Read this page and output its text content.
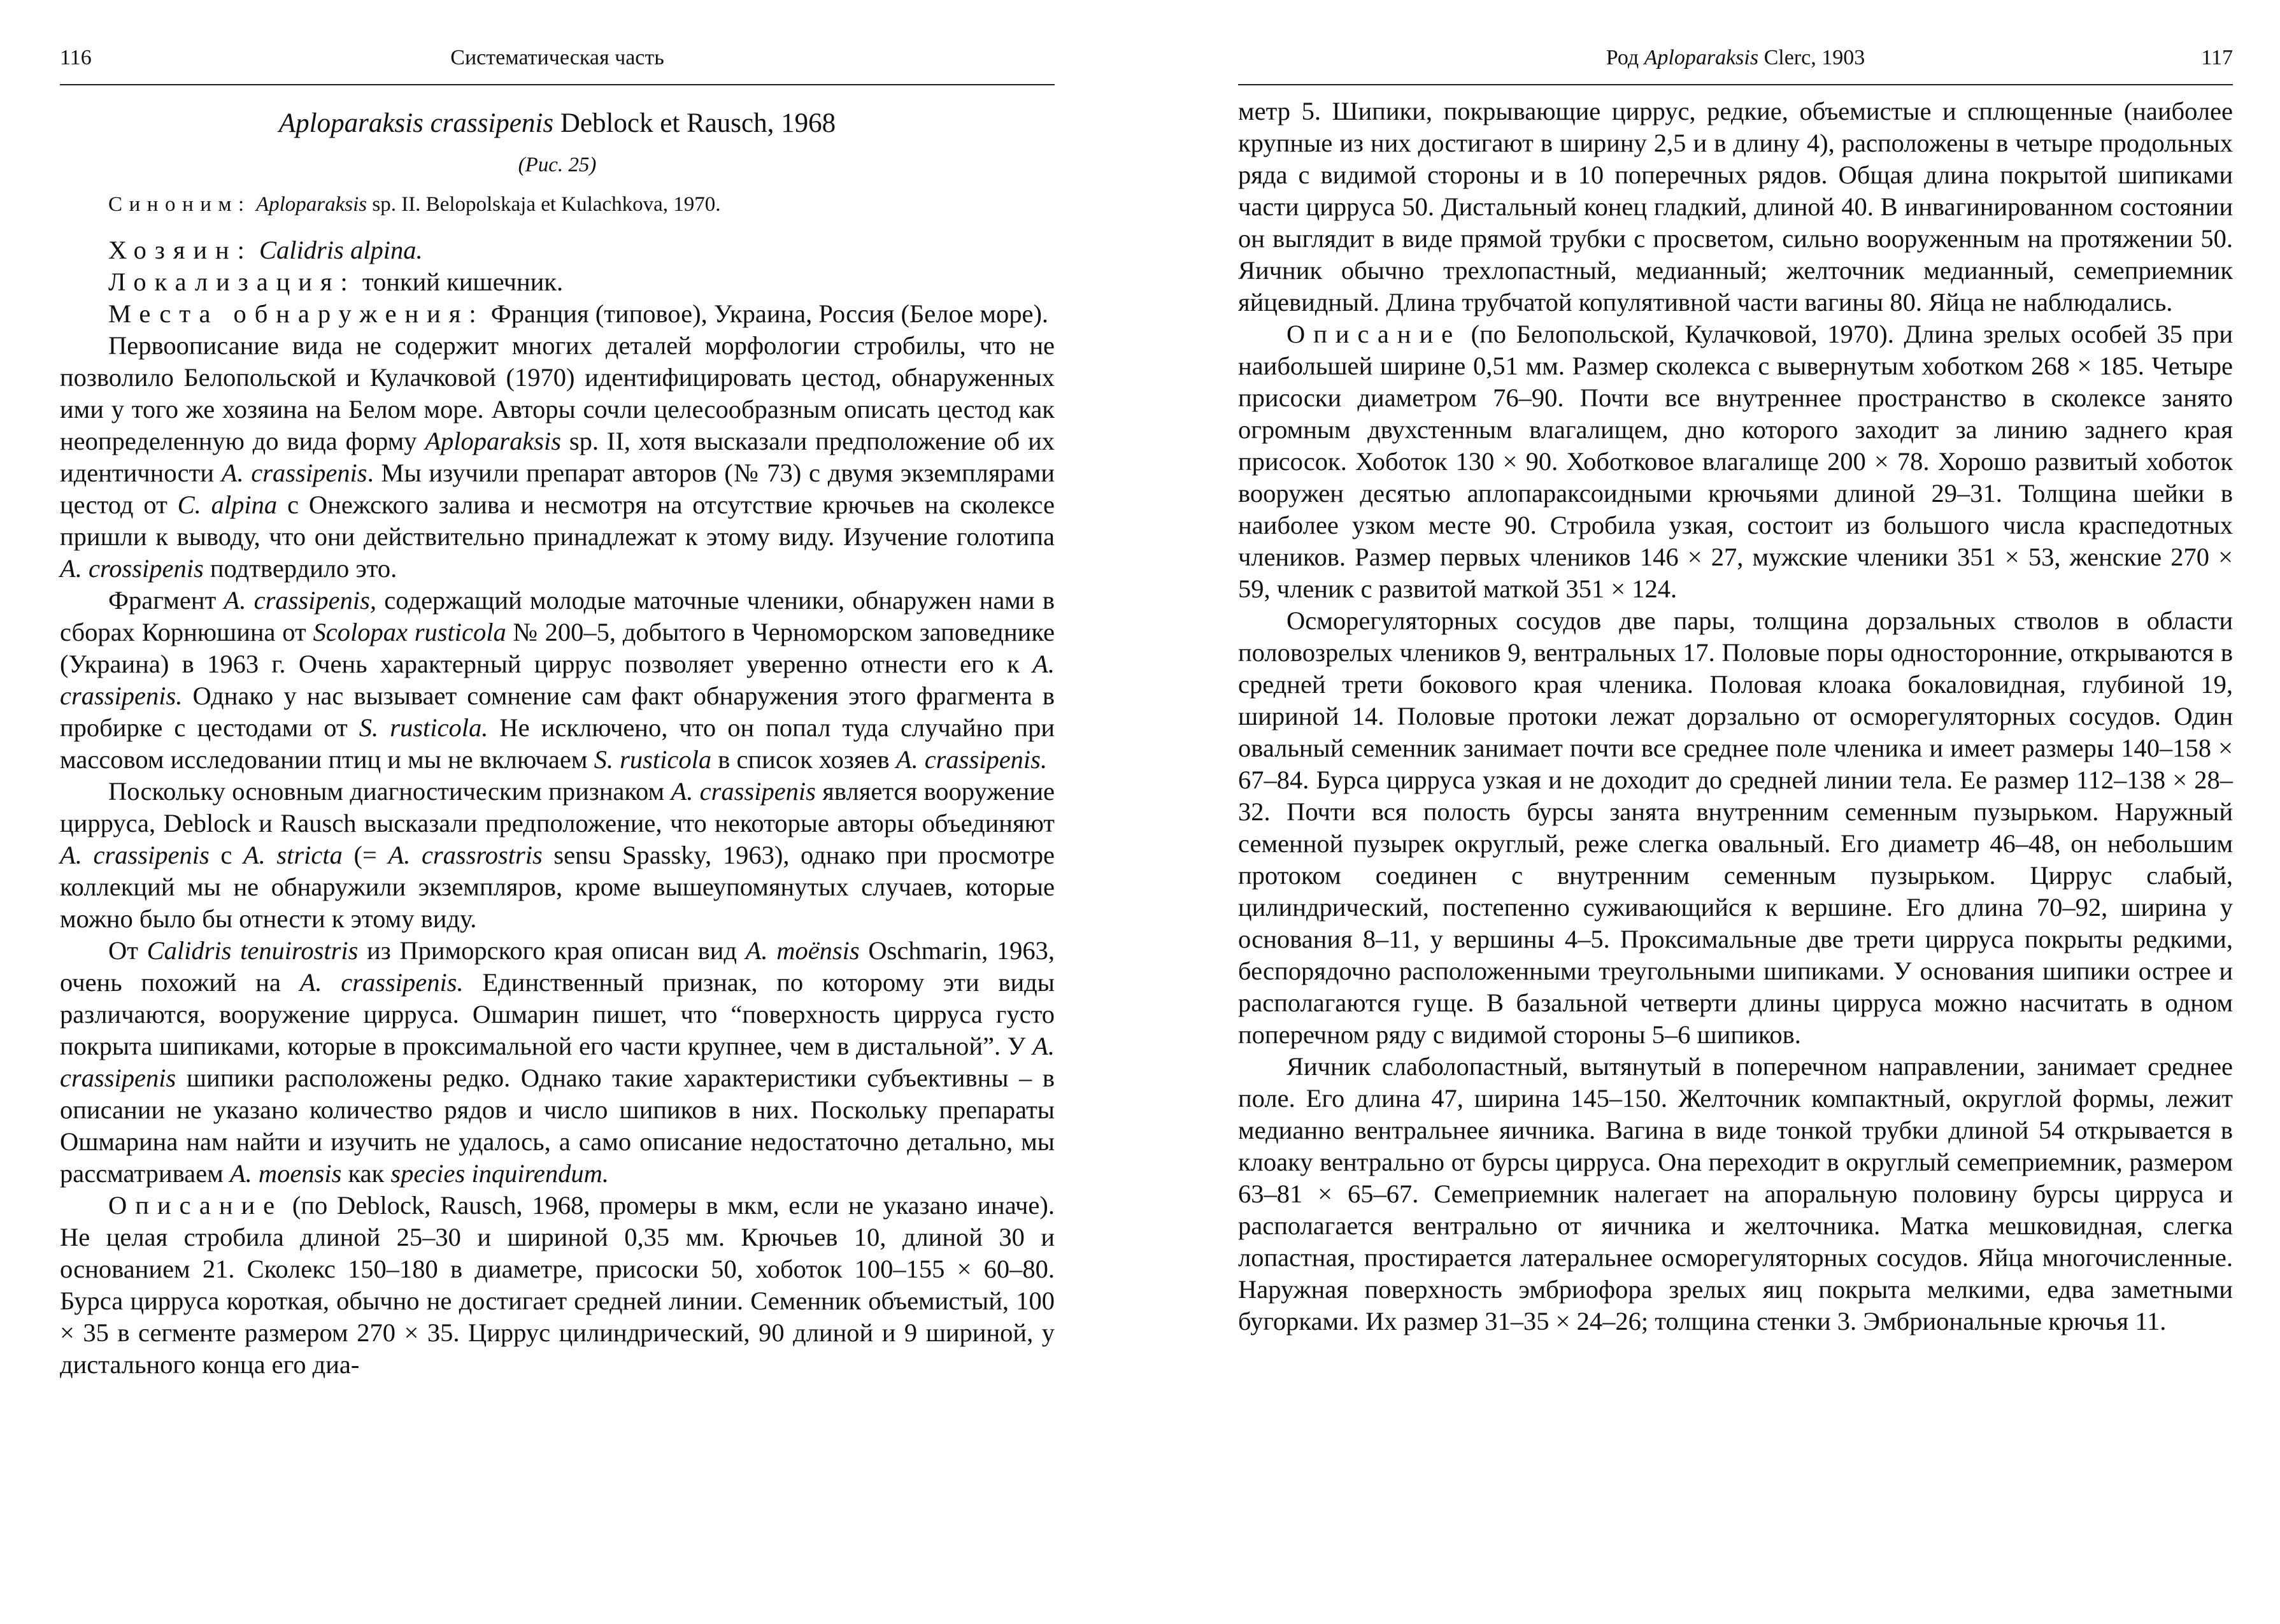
Систематическая часть
116
Aploparaksis crassipenis Deblock et Rausch, 1968
(Рис. 25)
Синоним: Aploparaksis sp. II. Belopolskaja et Kulachkova, 1970.

Хозяин: Calidris alpina.

Локализация: тонкий кишечник.

Места обнаружения: Франция (типовое), Украина, Россия (Белое море).

Первоописание вида не содержит многих деталей морфологии стробилы, что не позволило Белопольской и Кулачковой (1970) идентифицировать цестод, обнаруженных ими у того же хозяина на Белом море. Авторы сочли целесообразным описать цестод как неопределенную до вида форму Aploparaksis sp. II, хотя высказали предположение об их идентичности A. crassipenis. Мы изучили препарат авторов (№ 73) с двумя экземплярами цестод от C. alpina с Онежского залива и несмотря на отсутствие крючьев на сколексе пришли к выводу, что они действительно принадлежат к этому виду. Изучение голотипа A. crossipenis подтвердило это.

Фрагмент A. crassipenis, содержащий молодые маточные членики, обнаружен нами в сборах Корнюшина от Scolopax rusticola № 200–5, добытого в Черноморском заповеднике (Украина) в 1963 г. Очень характерный циррус позволяет уверенно отнести его к A. crassipenis. Однако у нас вызывает сомнение сам факт обнаружения этого фрагмента в пробирке с цестодами от S. rusticola. Не исключено, что он попал туда случайно при массовом исследовании птиц и мы не включаем S. rusticola в список хозяев A. crassipenis.

Поскольку основным диагностическим признаком A. crassipenis является вооружение цирруса, Deblock и Rausch высказали предположение, что некоторые авторы объединяют A. crassipenis с A. stricta (= A. crassrostris sensu Spassky, 1963), однако при просмотре коллекций мы не обнаружили экземпляров, кроме вышеупомянутых случаев, которые можно было бы отнести к этому виду.

От Calidris tenuirostris из Приморского края описан вид A. moënsis Oschmarin, 1963, очень похожий на A. crassipenis. Единственный признак, по которому эти виды различаются, вооружение цирруса. Ошмарин пишет, что “поверхность цирруса густо покрыта шипиками, которые в проксимальной его части крупнее, чем в дистальной”. У A. crassipenis шипики расположены редко. Однако такие характеристики субъективны – в описании не указано количество рядов и число шипиков в них. Поскольку препараты Ошмарина нам найти и изучить не удалось, а само описание недостаточно детально, мы рассматриваем A. moensis как species inquirendum.

Описание (по Deblock, Rausch, 1968, промеры в мкм, если не указано иначе). Не целая стробила длиной 25–30 и шириной 0,35 мм. Крючьев 10, длиной 30 и основанием 21. Сколекс 150–180 в диаметре, присоски 50, хоботок 100–155 × 60–80. Бурса цирруса короткая, обычно не достигает средней линии. Семенник объемистый, 100 × 35 в сегменте размером 270 × 35. Циррус цилиндрический, 90 длиной и 9 шириной, у дистального конца его диа-

Род Aploparaksis Clerc, 1903	117

метр 5. Шипики, покрывающие циррус, редкие, объемистые и сплющенные (наиболее крупные из них достигают в ширину 2,5 и в длину 4), расположены в четыре продольных ряда с видимой стороны и в 10 поперечных рядов. Общая длина покрытой шипиками части цирруса 50. Дистальный конец гладкий, длиной 40. В инвагинированном состоянии он выглядит в виде прямой трубки с просветом, сильно вооруженным на протяжении 50. Яичник обычно трехлопастный, медианный; желточник медианный, семеприемник яйцевидный. Длина трубчатой копулятивной части вагины 80. Яйца не наблюдались.

Описание (по Белопольской, Кулачковой, 1970). Длина зрелых особей 35 при наибольшей ширине 0,51 мм. Размер сколекса с вывернутым хоботком 268 × 185. Четыре присоски диаметром 76–90. Почти все внутреннее пространство в сколексе занято огромным двухстенным влагалищем, дно которого заходит за линию заднего края присосок. Хоботок 130 × 90. Хоботковое влагалище 200 × 78. Хорошо развитый хоботок вооружен десятью аплопараксоидными крючьями длиной 29–31. Толщина шейки в наиболее узком месте 90. Стробила узкая, состоит из большого числа краспедотных члеников. Размер первых члеников 146 × 27, мужские членики 351 × 53, женские 270 × 59, членик с развитой маткой 351 × 124.

Осморегуляторных сосудов две пары, толщина дорзальных стволов в области половозрелых члеников 9, вентральных 17. Половые поры односторонние, открываются в средней трети бокового края членика. Половая клоака бокаловидная, глубиной 19, шириной 14. Половые протоки лежат дорзально от осморегуляторных сосудов. Один овальный семенник занимает почти все среднее поле членика и имеет размеры 140–158 × 67–84. Бурса цирруса узкая и не доходит до средней линии тела. Ее размер 112–138 × 28–32. Почти вся полость бурсы занята внутренним семенным пузырьком. Наружный семенной пузырек округлый, реже слегка овальный. Его диаметр 46–48, он небольшим протоком соединен с внутренним семенным пузырьком. Циррус слабый, цилиндрический, постепенно суживающийся к вершине. Его длина 70–92, ширина у основания 8–11, у вершины 4–5. Проксимальные две трети цирруса покрыты редкими, беспорядочно расположенными треугольными шипиками. У основания шипики острее и располагаются гуще. В базальной четверти длины цирруса можно насчитать в одном поперечном ряду с видимой стороны 5–6 шипиков.

Яичник слаболопастный, вытянутый в поперечном направлении, занимает среднее поле. Его длина 47, ширина 145–150. Желточник компактный, округлой формы, лежит медианно вентральнее яичника. Вагина в виде тонкой трубки длиной 54 открывается в клоаку вентрально от бурсы цирруса. Она переходит в округлый семеприемник, размером 63–81 × 65–67. Семеприемник налегает на апоральную половину бурсы цирруса и располагается вентрально от яичника и желточника. Матка мешковидная, слегка лопастная, простирается латеральнее осморегуляторных сосудов. Яйца многочисленные. Наружная поверхность эмбриофора зрелых яиц покрыта мелкими, едва заметными бугорками. Их размер 31–35 × 24–26; толщина стенки 3. Эмбриональные крючья 11.
